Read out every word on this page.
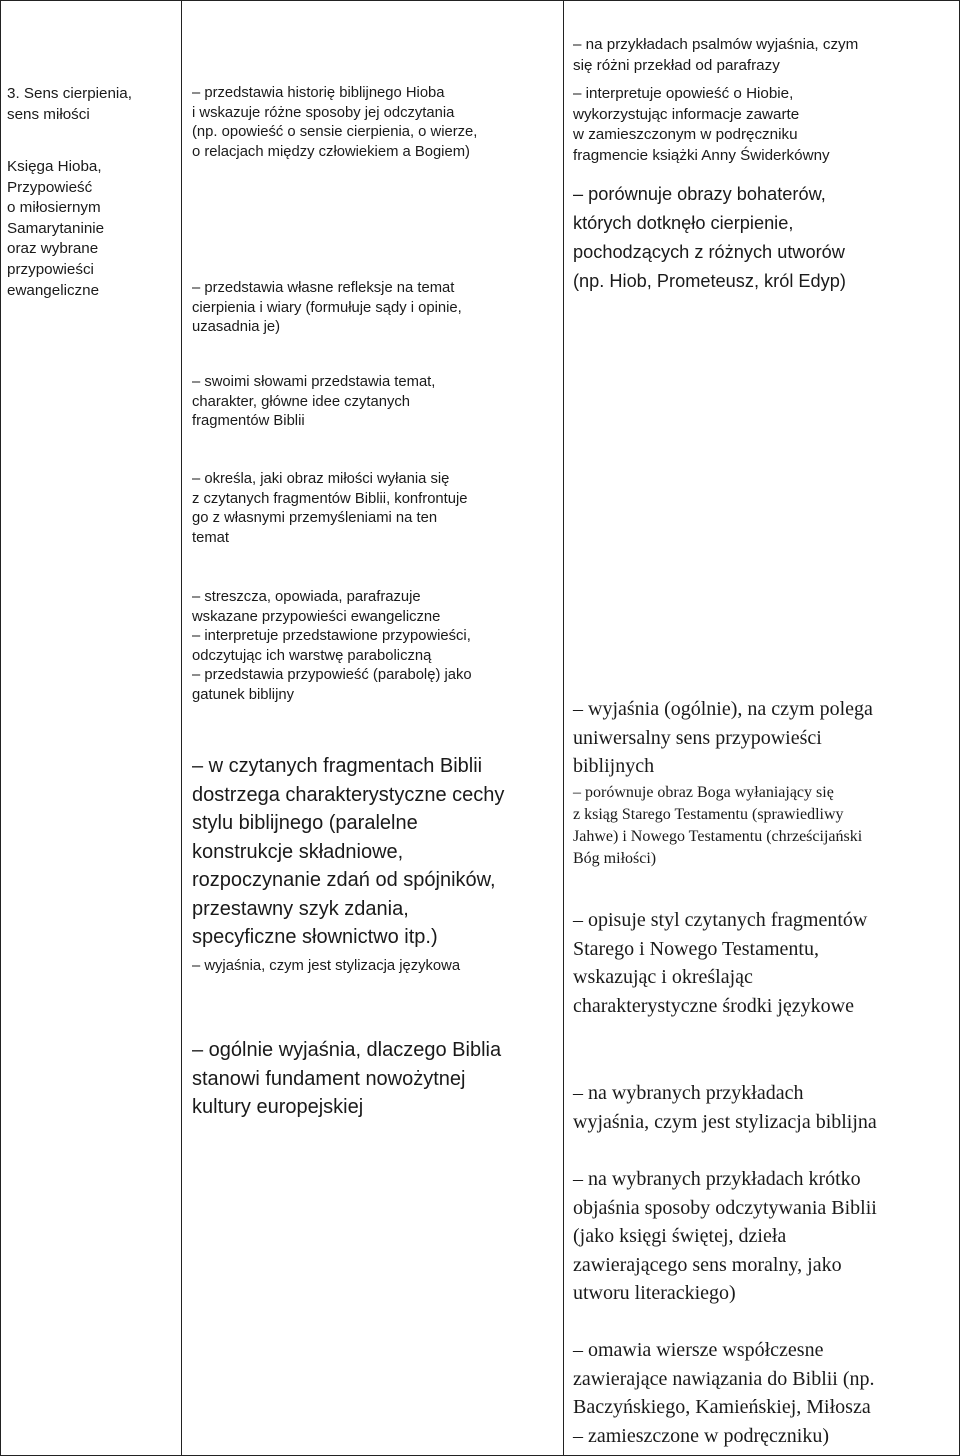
3. Sens cierpienia,
sens miłości
Księga Hioba,
Przypowieść
o miłosiernym
Samarytaninie
oraz wybrane
przypowieści
ewangeliczne
– przedstawia historię biblijnego Hioba
i wskazuje różne sposoby jej odczytania
(np. opowieść o sensie cierpienia, o wierze,
o relacjach między człowiekiem a Bogiem)
– przedstawia własne refleksje na temat
cierpienia i wiary (formułuje sądy i opinie,
uzasadnia je)
– swoimi słowami przedstawia temat,
charakter, główne idee czytanych
fragmentów Biblii
– określa, jaki obraz miłości wyłania się
z czytanych fragmentów Biblii, konfrontuje
go z własnymi przemyśleniami na ten
temat
– streszcza, opowiada, parafrazuje
wskazane przypowieści ewangeliczne
– interpretuje przedstawione przypowieści,
odczytując ich warstwę paraboliczną
– przedstawia przypowieść (parabolę) jako
gatunek biblijny
– w czytanych fragmentach Biblii
dostrzega charakterystyczne cechy
stylu biblijnego (paralelne
konstrukcje składniowe,
rozpoczynanie zdań od spójników,
przestawny szyk zdania,
specyficzne słownictwo itp.)
– wyjaśnia, czym jest stylizacja językowa
– ogólnie wyjaśnia, dlaczego Biblia
stanowi fundament nowożytnej
kultury europejskiej
– na przykładach psalmów wyjaśnia, czym
się różni przekład od parafrazy
– interpretuje opowieść o Hiobie,
wykorzystując informacje zawarte
w zamieszczonym w podręczniku
fragmencie książki Anny Świderkówny
– porównuje obrazy bohaterów,
których dotknęło cierpienie,
pochodzących z różnych utworów
(np. Hiob, Prometeusz, król Edyp)
– wyjaśnia (ogólnie), na czym polega
uniwersalny sens przypowieści
biblijnych
– porównuje obraz Boga wyłaniający się
z ksiąg Starego Testamentu (sprawiedliwy
Jahwe) i Nowego Testamentu (chrześcijański
Bóg miłości)
– opisuje styl czytanych fragmentów
Starego i Nowego Testamentu,
wskazując i określając
charakterystyczne środki językowe
– na wybranych przykładach
wyjaśnia, czym jest stylizacja biblijna
– na wybranych przykładach krótko
objaśnia sposoby odczytywania Biblii
(jako księgi świętej, dzieła
zawierającego sens moralny, jako
utworu literackiego)
– omawia wiersze współczesne
zawierające nawiązania do Biblii (np.
Baczyńskiego, Kamieńskiej, Miłosza
– zamieszczone w podręczniku)
